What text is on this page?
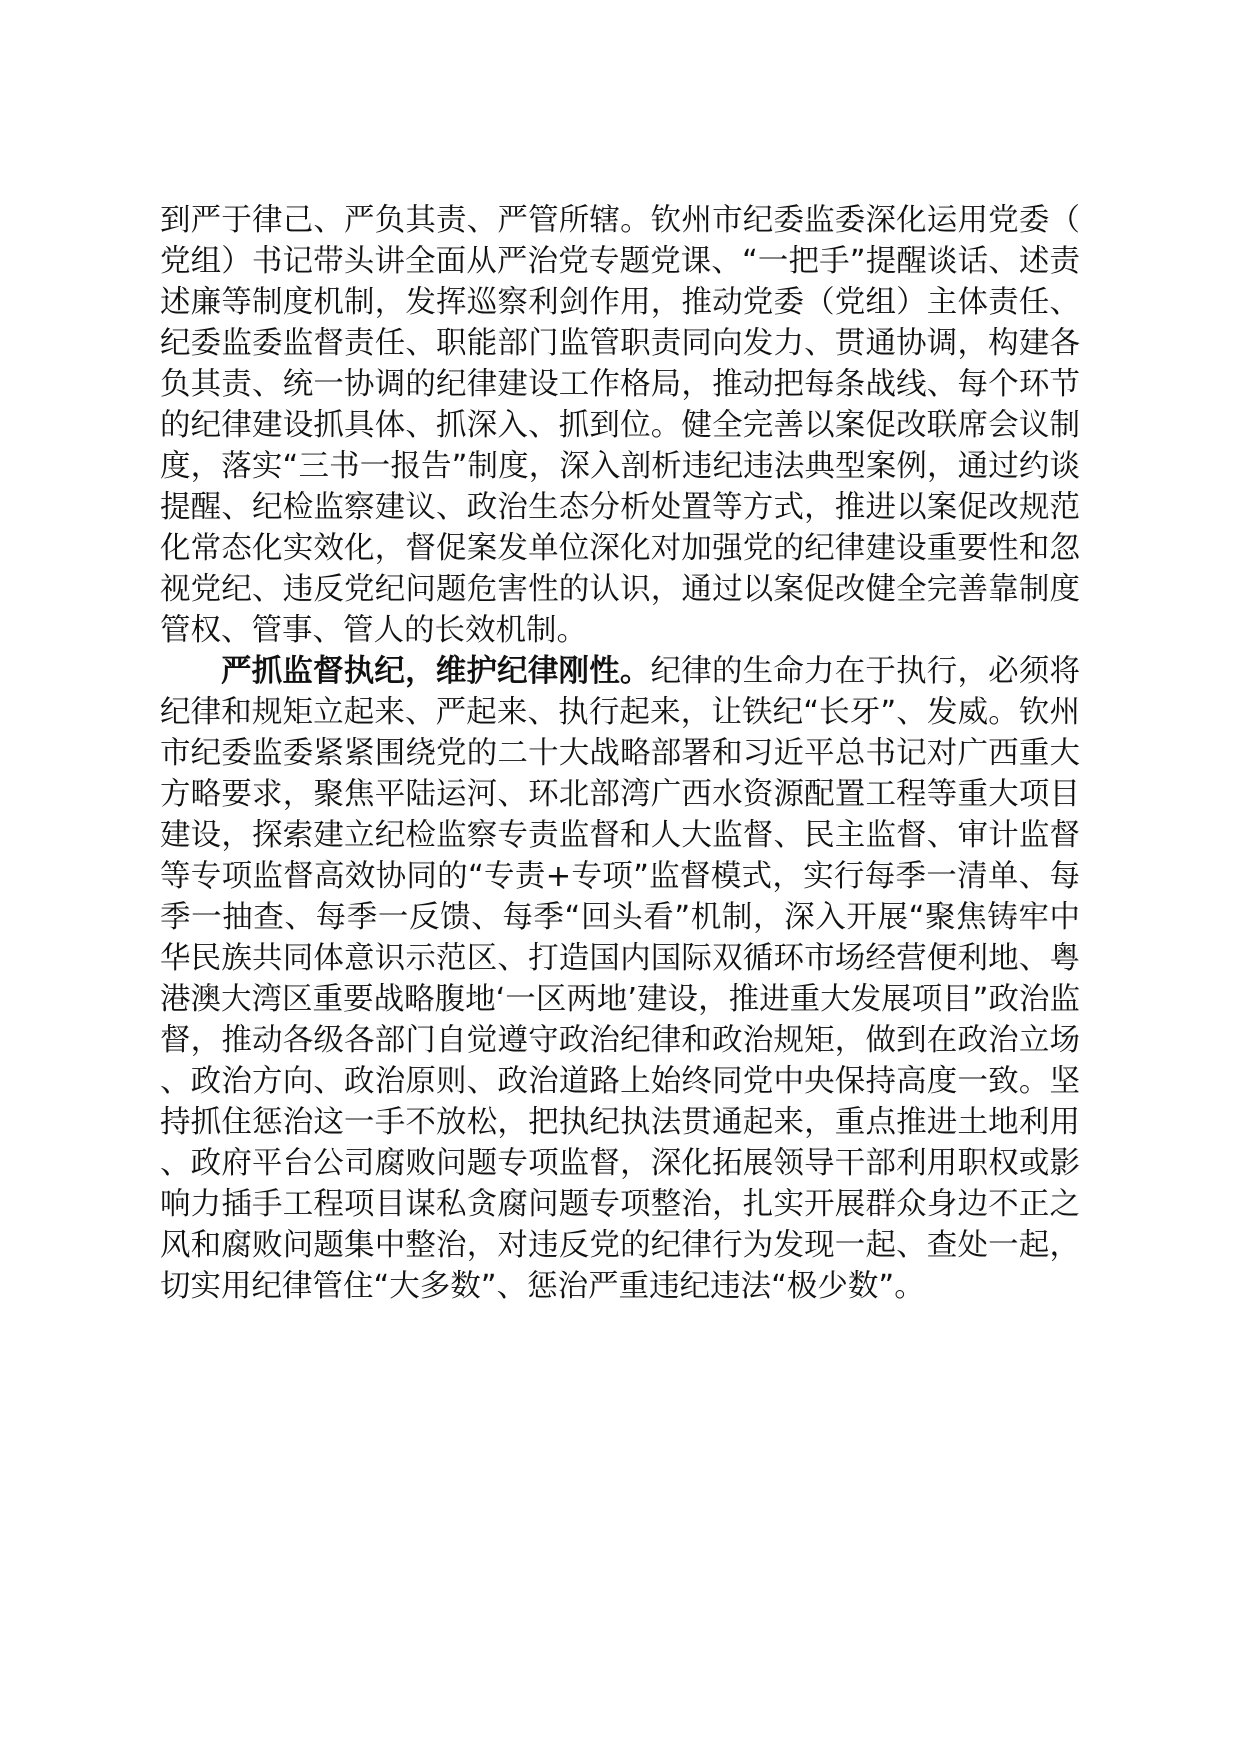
到严于律己、严负其责、严管所辖。钦州市纪委监委深化运用党委（党组）书记带头讲全面从严治党专题党课、“一把手”提醒谈话、述责述廉等制度机制，发挥巡察利剑作用，推动党委（党组）主体责任、纪委监委监督责任、职能部门监管职责同向发力、贯通协调，构建各负其责、统一协调的纪律建设工作格局，推动把每条战线、每个环节的纪律建设抓具体、抓深入、抓到位。健全完善以案促改联席会议制度，落实“三书一报告”制度，深入剖析违纪违法典型案例，通过约谈提醒、纪检监察建议、政治生态分析处置等方式，推进以案促改规范化常态化实效化，督促案发单位深化对加强党的纪律建设重要性和忽视党纪、违反党纪问题危害性的认识，通过以案促改健全完善靠制度管权、管事、管人的长效机制。

严抓监督执纪，维护纪律刚性。纪律的生命力在于执行，必须将纪律和规矩立起来、严起来、执行起来，让铁纪“长牙”、发威。钦州市纪委监委紧紧围绕党的二十大战略部署和习近平总书记对广西重大方略要求，聚焦平陆运河、环北部湾广西水资源配置工程等重大项目建设，探索建立纪检监察专责监督和人大监督、民主监督、审计监督等专项监督高效协同的“专责+专项”监督模式，实行每季一清单、每季一抽查、每季一反馈、每季“回头看”机制，深入开展“聚焦铸牢中华民族共同体意识示范区、打造国内国际双循环市场经营便利地、粤港澳大湾区重要战略腹地‘一区两地’建设，推进重大发展项目”政治监督，推动各级各部门自觉遵守政治纪律和政治规矩，做到在政治立场、政治方向、政治原则、政治道路上始终同党中央保持高度一致。坚持抓住惩治这一手不放松，把执纪执法贯通起来，重点推进土地利用、政府平台公司腐败问题专项监督，深化拓展领导干部利用职权或影响力插手工程项目谋私贪腐问题专项整治，扎实开展群众身边不正之风和腐败问题集中整治，对违反党的纪律行为发现一起、查处一起，切实用纪律管住“大多数”、惩治严重违纪违法“极少数”。
